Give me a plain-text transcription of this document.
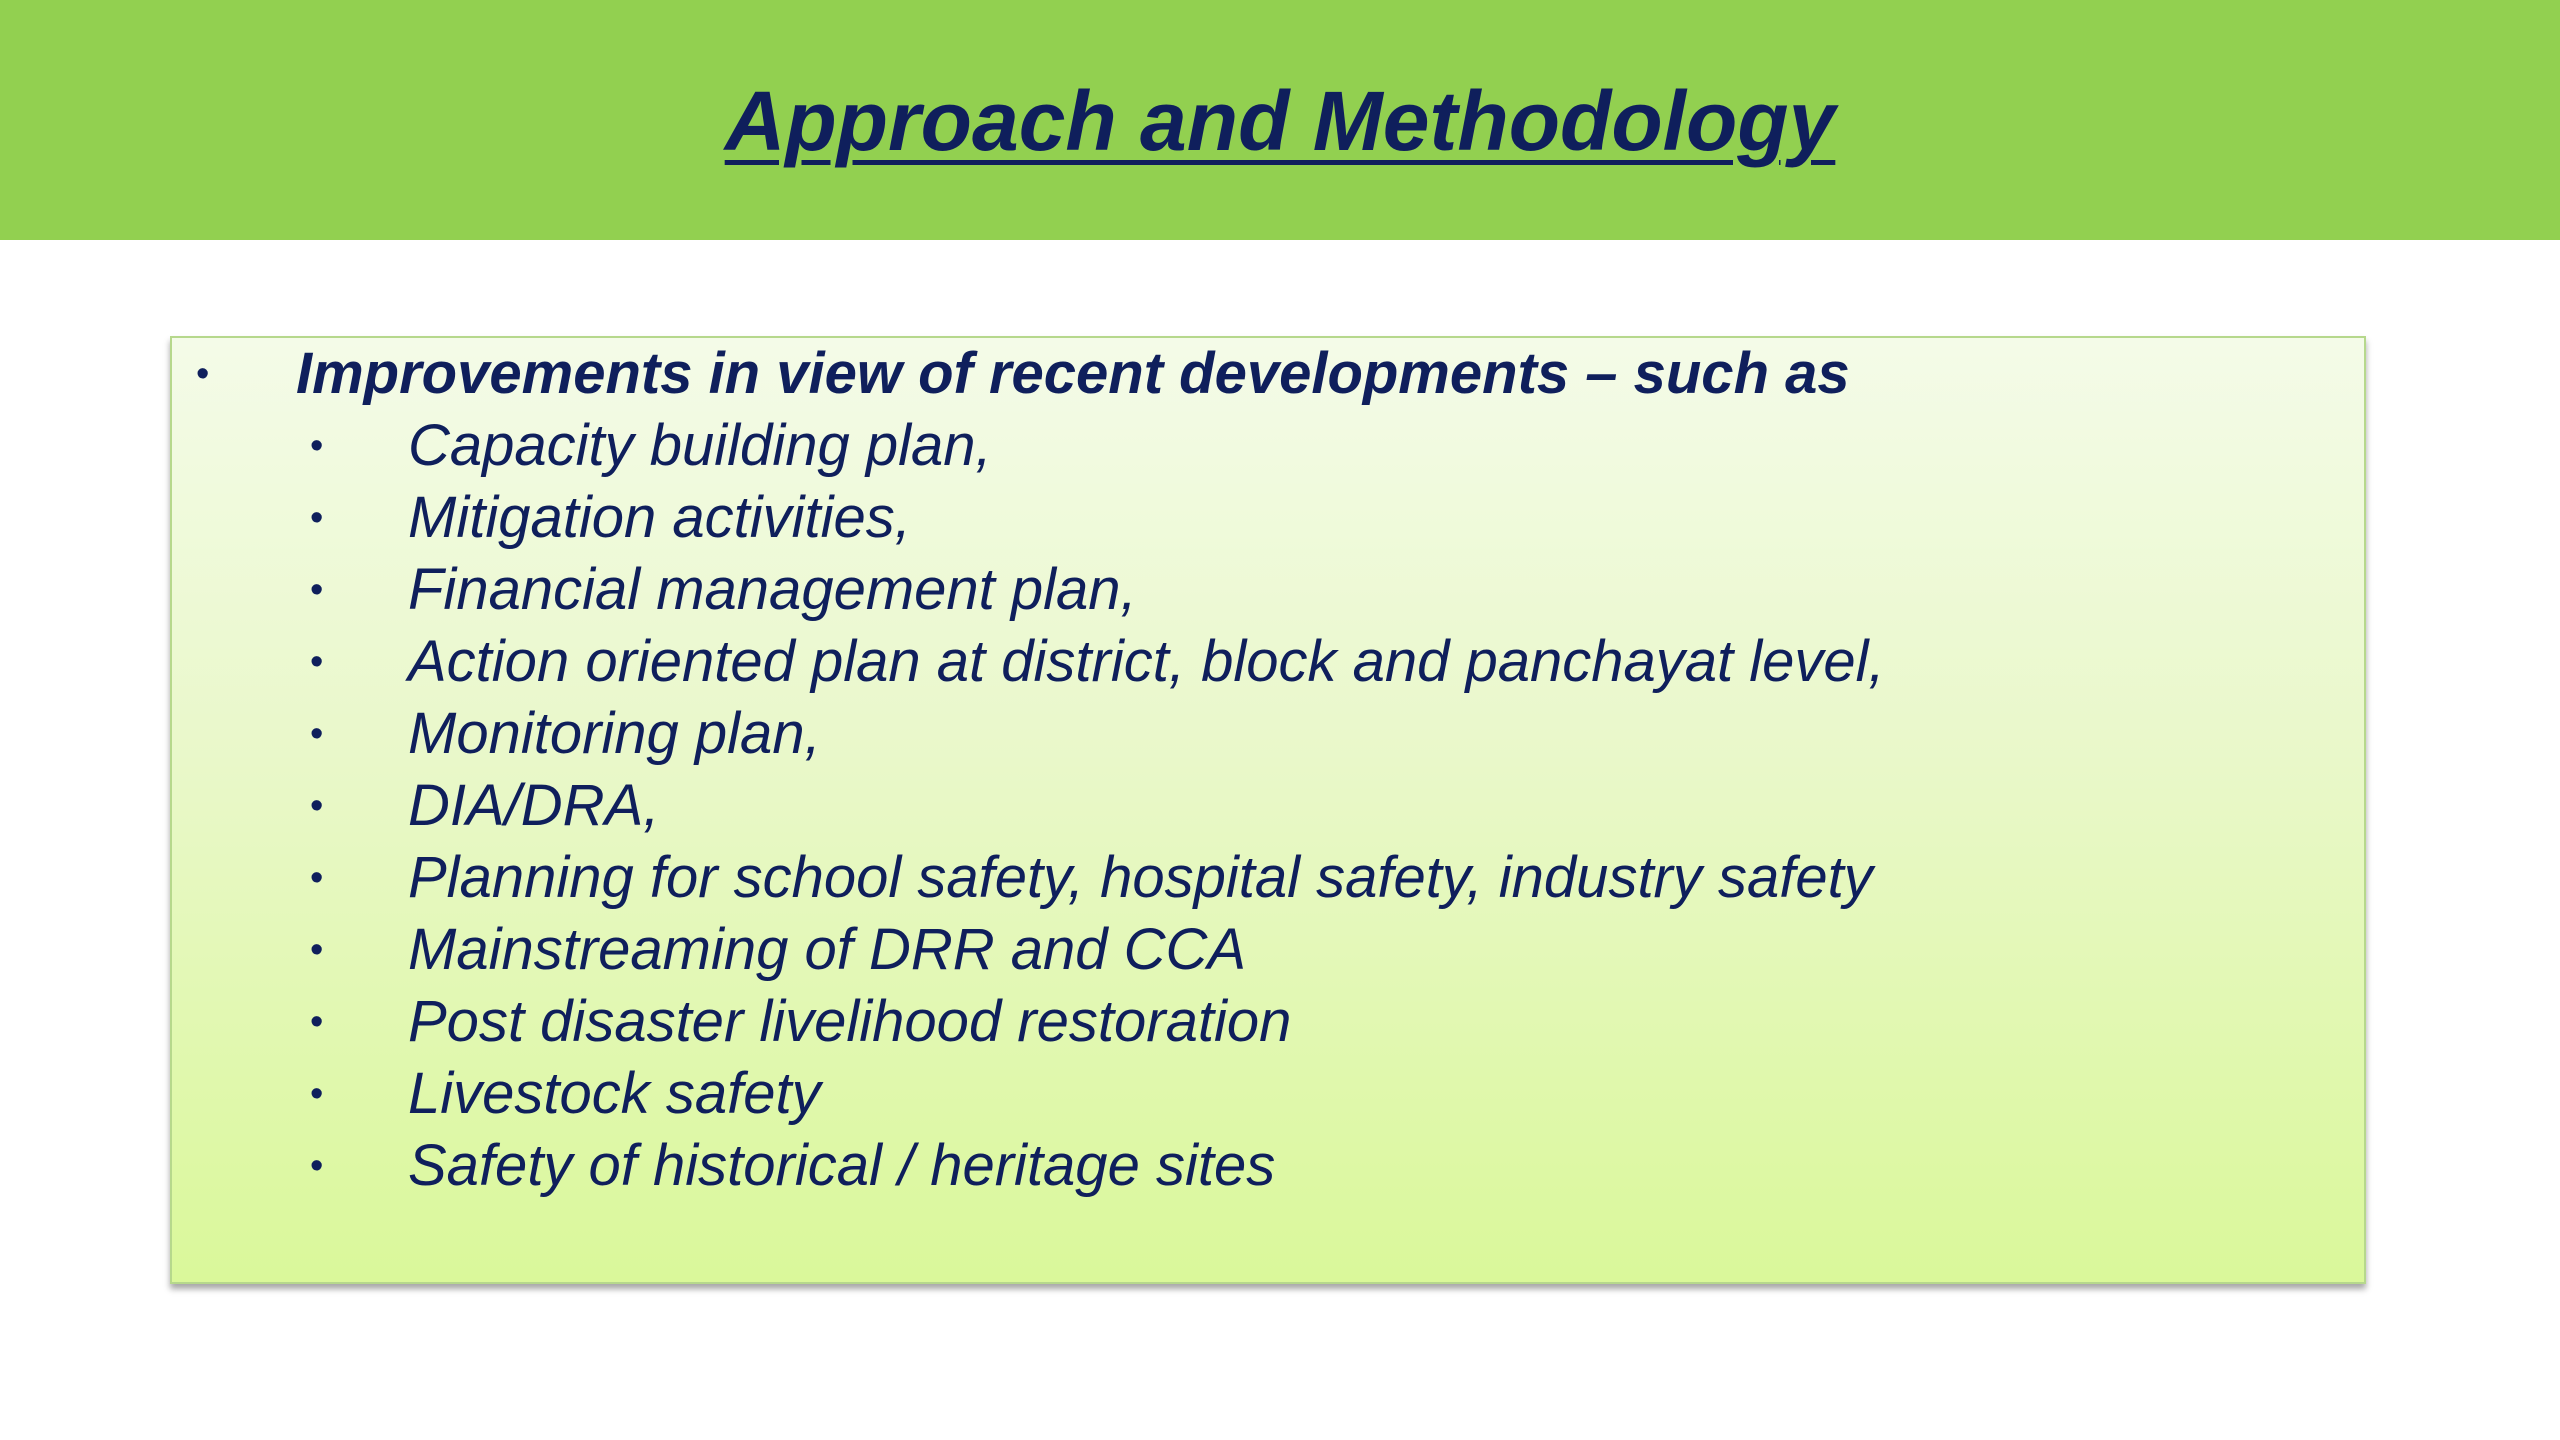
Approach and Methodology
• Improvements in view of recent developments – such as
• Capacity building plan,
• Mitigation activities,
• Financial management plan,
• Action oriented plan at district, block and panchayat level,
• Monitoring plan,
• DIA/DRA,
• Planning for school safety, hospital safety, industry safety
• Mainstreaming of DRR and CCA
• Post disaster livelihood restoration
• Livestock safety
• Safety of historical / heritage sites
